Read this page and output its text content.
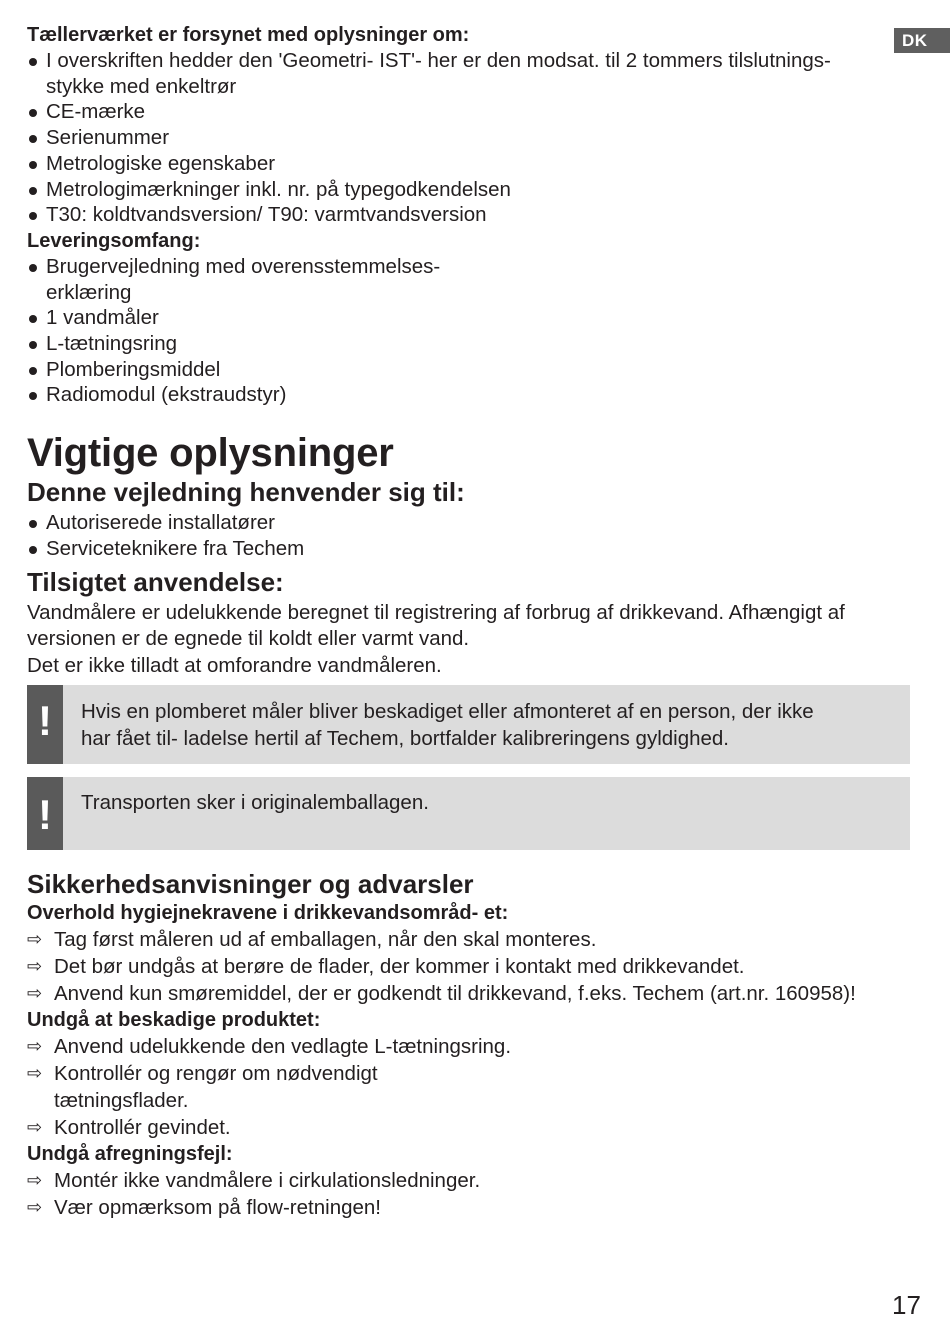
DK

Tællerværket er forsynet med oplysninger om:

I overskriften hedder den 'Geometri- IST'- her er den modsat. til 2 tommers tilslutnings-
stykke med enkeltrør
CE-mærke
Serienummer
Metrologiske egenskaber
Metrologimærkninger inkl. nr. på typegodkendelsen
T30: koldtvandsversion/ T90: varmtvandsversion

Leveringsomfang:

Brugervejledning med overensstemmelses-
erklæring
1 vandmåler
L-tætningsring
Plomberingsmiddel
Radiomodul (ekstraudstyr)
Vigtige oplysninger
Denne vejledning henvender sig til:
Autoriserede installatører
Serviceteknikere fra Techem
Tilsigtet anvendelse:

Vandmålere er udelukkende beregnet til registrering af forbrug af drikkevand. Afhængigt af
versionen er de egnede til koldt eller varmt vand.
Det er ikke tilladt at omforandre vandmåleren.

!	Hvis en plomberet måler bliver beskadiget eller afmonteret af en person, der ikke
har fået til- ladelse hertil af Techem, bortfalder kalibreringens gyldighed.
!	Transporten sker i originalemballagen.
Sikkerhedsanvisninger og advarsler

Overhold hygiejnekravene i drikkevandsområd- et:

⇨ Tag først måleren ud af emballagen, når den skal monteres.
⇨ Det bør undgås at berøre de flader, der kommer i kontakt med drikkevandet.
⇨ Anvend kun smøremiddel, der er godkendt til drikkevand, f.eks. Techem (art.nr. 160958)!

Undgå at beskadige produktet:

⇨ Anvend udelukkende den vedlagte L-tætningsring.
⇨ Kontrollér og rengør om nødvendigt
tætningsflader.
⇨ Kontrollér gevindet.

Undgå afregningsfejl:

⇨ Montér ikke vandmålere i cirkulationsledninger.
⇨ Vær opmærksom på flow-retningen!
17
